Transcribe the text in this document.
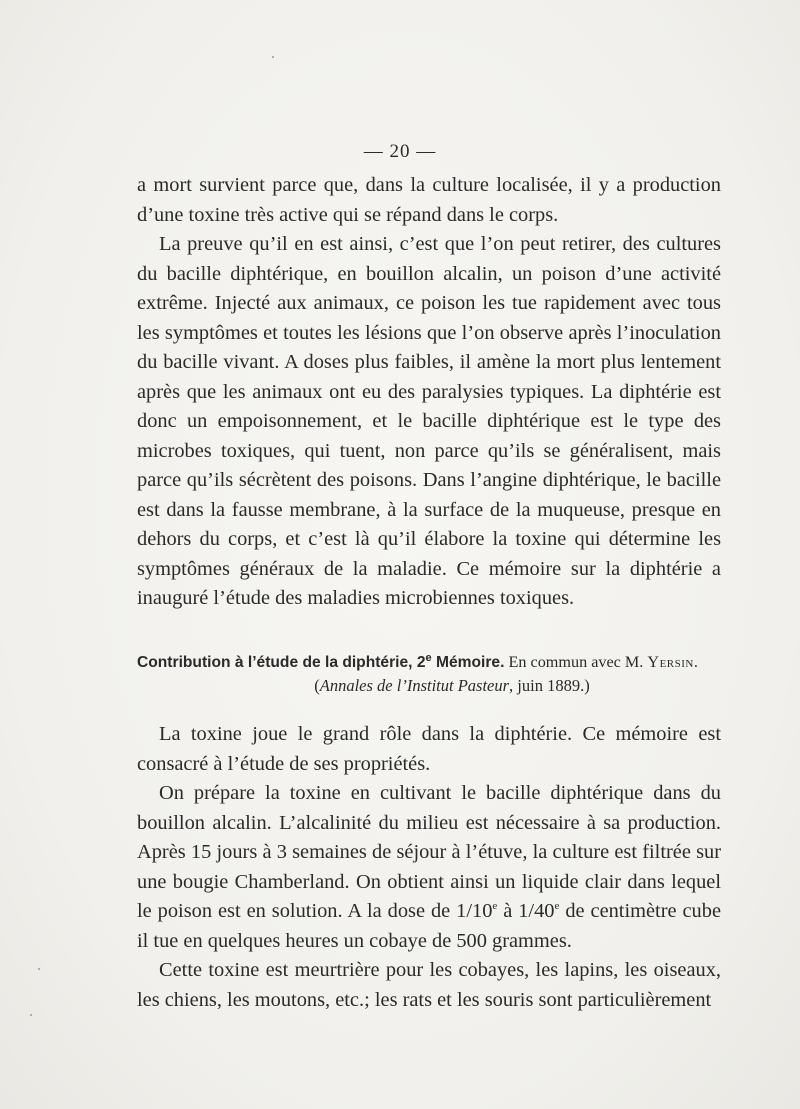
— 20 —

a mort survient parce que, dans la culture localisée, il y a production d’une toxine très active qui se répand dans le corps.

La preuve qu’il en est ainsi, c’est que l’on peut retirer, des cultures du bacille diphtérique, en bouillon alcalin, un poison d’une activité extrême. Injecté aux animaux, ce poison les tue rapidement avec tous les symptômes et toutes les lésions que l’on observe après l’inoculation du bacille vivant. A doses plus faibles, il amène la mort plus lentement après que les animaux ont eu des paralysies typiques. La diphtérie est donc un empoisonnement, et le bacille diphtérique est le type des microbes toxiques, qui tuent, non parce qu’ils se généralisent, mais parce qu’ils sécrètent des poisons. Dans l’angine diphtérique, le bacille est dans la fausse membrane, à la surface de la muqueuse, presque en dehors du corps, et c’est là qu’il élabore la toxine qui détermine les symptômes généraux de la maladie. Ce mémoire sur la diphtérie a inauguré l’étude des maladies microbiennes toxiques.

Contribution à l’étude de la diphtérie, 2e Mémoire. En commun avec M. Yersin.
(Annales de l’Institut Pasteur, juin 1889.)

La toxine joue le grand rôle dans la diphtérie. Ce mémoire est consacré à l’étude de ses propriétés.

On prépare la toxine en cultivant le bacille diphtérique dans du bouillon alcalin. L’alcalinité du milieu est nécessaire à sa production. Après 15 jours à 3 semaines de séjour à l’étuve, la culture est filtrée sur une bougie Chamberland. On obtient ainsi un liquide clair dans lequel le poison est en solution. A la dose de 1/10e à 1/40e de centimètre cube il tue en quelques heures un cobaye de 500 grammes.

Cette toxine est meurtrière pour les cobayes, les lapins, les oiseaux, les chiens, les moutons, etc.; les rats et les souris sont particulièrement
